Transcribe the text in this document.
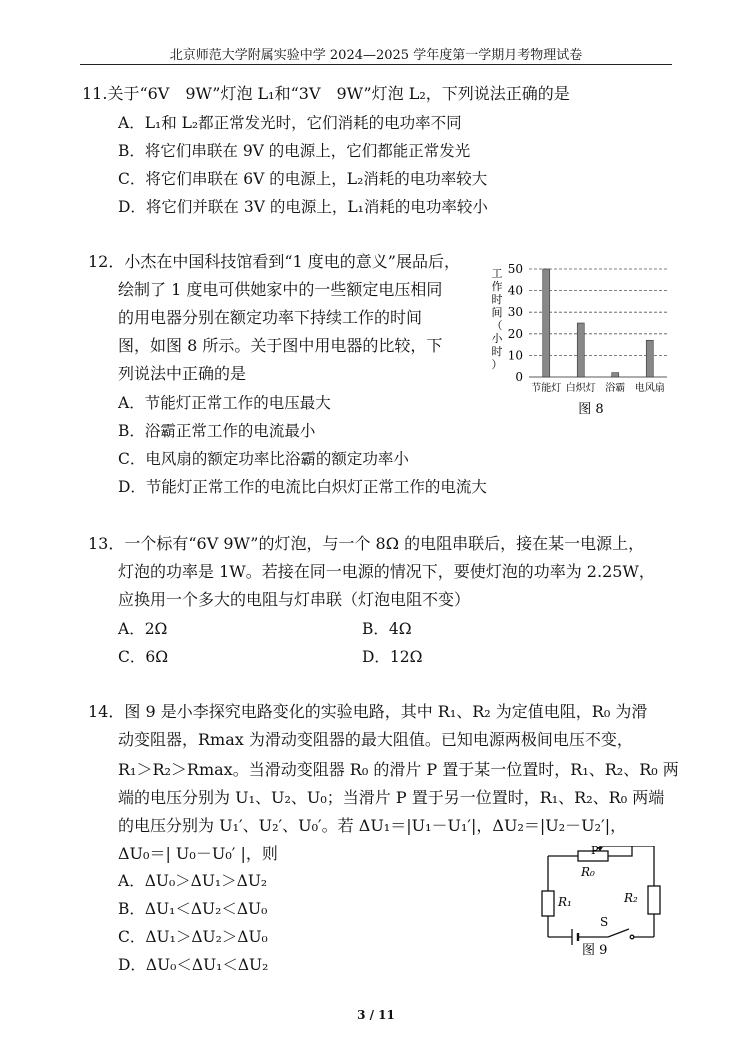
北京师范大学附属实验中学 2024—2025 学年度第一学期月考物理试卷
11.关于“6V　9W”灯泡 L₁和“3V　9W”灯泡 L₂，下列说法正确的是
A．L₁和 L₂都正常发光时，它们消耗的电功率不同
B．将它们串联在 9V 的电源上，它们都能正常发光
C．将它们串联在 6V 的电源上，L₂消耗的电功率较大
D．将它们并联在 3V 的电源上，L₁消耗的电功率较小
12．小杰在中国科技馆看到“1 度电的意义”展品后，
绘制了 1 度电可供她家中的一些额定电压相同
的用电器分别在额定功率下持续工作的时间
图，如图 8 所示。关于图中用电器的比较，下
列说法中正确的是
A．节能灯正常工作的电压最大
B．浴霸正常工作的电流最小
C．电风扇的额定功率比浴霸的额定功率小
D．节能灯正常工作的电流比白炽灯正常工作的电流大
工
作
时
间
（
小
时
）
0
10
20
30
40
50
节能灯 白炽灯 浴霸 电风扇
图 8
13．一个标有“6V 9W”的灯泡，与一个 8Ω 的电阻串联后，接在某一电源上，
灯泡的功率是 1W。若接在同一电源的情况下，要使灯泡的功率为 2.25W，
应换用一个多大的电阻与灯串联（灯泡电阻不变）
A．2Ω	B．4Ω
C．6Ω	D．12Ω
14．图 9 是小李探究电路变化的实验电路，其中 R₁、R₂ 为定值电阻，R₀ 为滑
动变阻器，Rmax 为滑动变阻器的最大阻值。已知电源两极间电压不变，
R₁＞R₂＞Rmax。当滑动变阻器 R₀ 的滑片 P 置于某一位置时，R₁、R₂、R₀ 两
端的电压分别为 U₁、U₂、U₀；当滑片 P 置于另一位置时，R₁、R₂、R₀ 两端
的电压分别为 U₁′、U₂′、U₀′。若 ΔU₁＝|U₁－U₁′|，ΔU₂＝|U₂－U₂′|，
ΔU₀＝| U₀－U₀′ |，则
A．ΔU₀＞ΔU₁＞ΔU₂
B．ΔU₁＜ΔU₂＜ΔU₀
C．ΔU₁＞ΔU₂＞ΔU₀
D．ΔU₀＜ΔU₁＜ΔU₂
P
R₀
R₁	R₂
S
图 9
3 / 11
